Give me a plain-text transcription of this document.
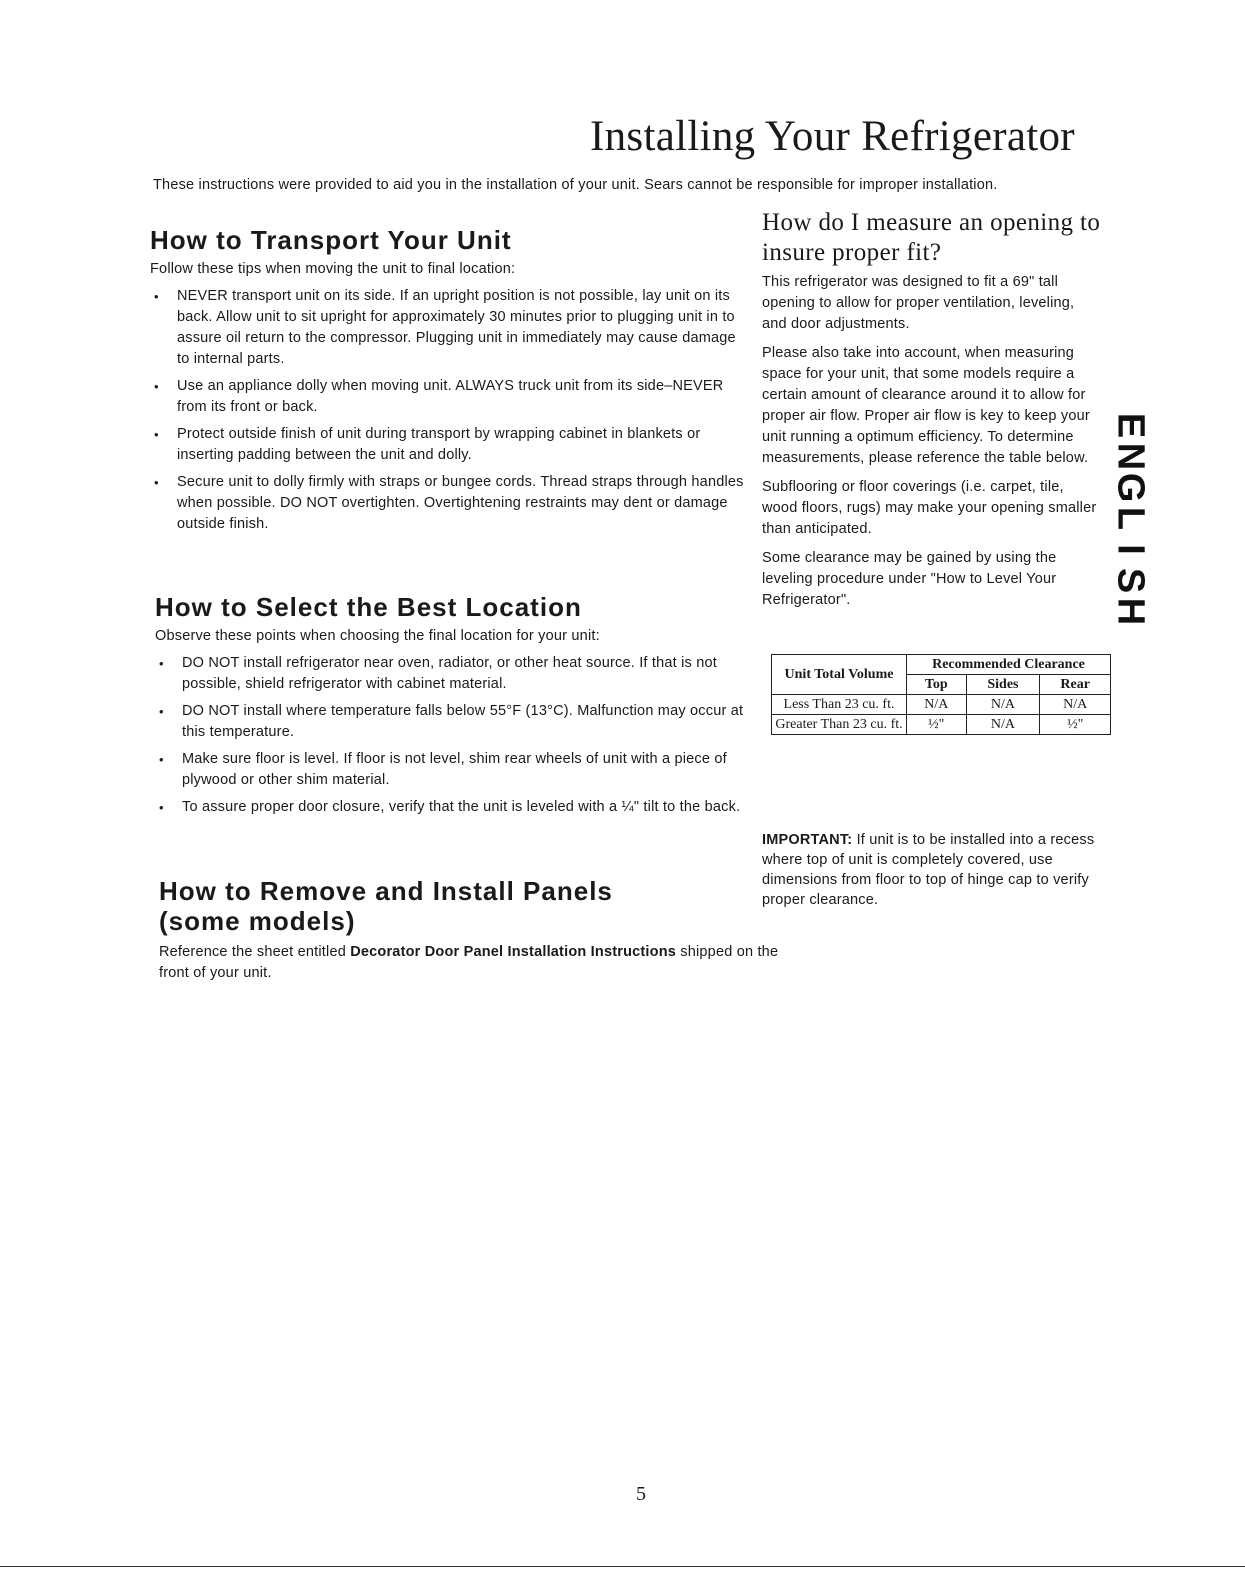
Installing Your Refrigerator

These instructions were provided to aid you in the installation of your unit. Sears cannot be responsible for improper installation.

How to Transport Your Unit

Follow these tips when moving the unit to final location:

• NEVER transport unit on its side. If an upright position is not possible, lay unit on its back. Allow unit to sit upright for approximately 30 minutes prior to plugging unit in to assure oil return to the compressor. Plugging unit in immediately may cause damage to internal parts.
• Use an appliance dolly when moving unit. ALWAYS truck unit from its side–NEVER from its front or back.
• Protect outside finish of unit during transport by wrapping cabinet in blankets or inserting padding between the unit and dolly.
• Secure unit to dolly firmly with straps or bungee cords. Thread straps through handles when possible. DO NOT overtighten. Overtightening restraints may dent or damage outside finish.
How to Select the Best Location

Observe these points when choosing the final location for your unit:

• DO NOT install refrigerator near oven, radiator, or other heat source. If that is not possible, shield refrigerator with cabinet material.
• DO NOT install where temperature falls below 55°F (13°C). Malfunction may occur at this temperature.
• Make sure floor is level. If floor is not level, shim rear wheels of unit with a piece of plywood or other shim material.
• To assure proper door closure, verify that the unit is leveled with a ¼" tilt to the back.
How to Remove and Install Panels
(some models)

Reference the sheet entitled Decorator Door Panel Installation Instructions shipped on the front of your unit.

How do I measure an opening to insure proper fit?

This refrigerator was designed to fit a 69" tall opening to allow for proper ventilation, leveling, and door adjustments.

Please also take into account, when measuring space for your unit, that some models require a certain amount of clearance around it to allow for proper air flow. Proper air flow is key to keep your unit running a optimum efficiency. To determine measurements, please reference the table below.

Subflooring or floor coverings (i.e. carpet, tile, wood floors, rugs) may make your opening smaller than anticipated.

Some clearance may be gained by using the leveling procedure under "How to Level Your Refrigerator".

Unit Total Volume	Recommended Clearance		
	Top	Sides	Rear
Less Than 23 cu. ft.	N/A	N/A	N/A
Greater Than 23 cu. ft.	½"	N/A	½"

IMPORTANT: If unit is to be installed into a recess where top of unit is completely covered, use dimensions from floor to top of hinge cap to verify proper clearance.

E
N
G
L
I
S
H
5
